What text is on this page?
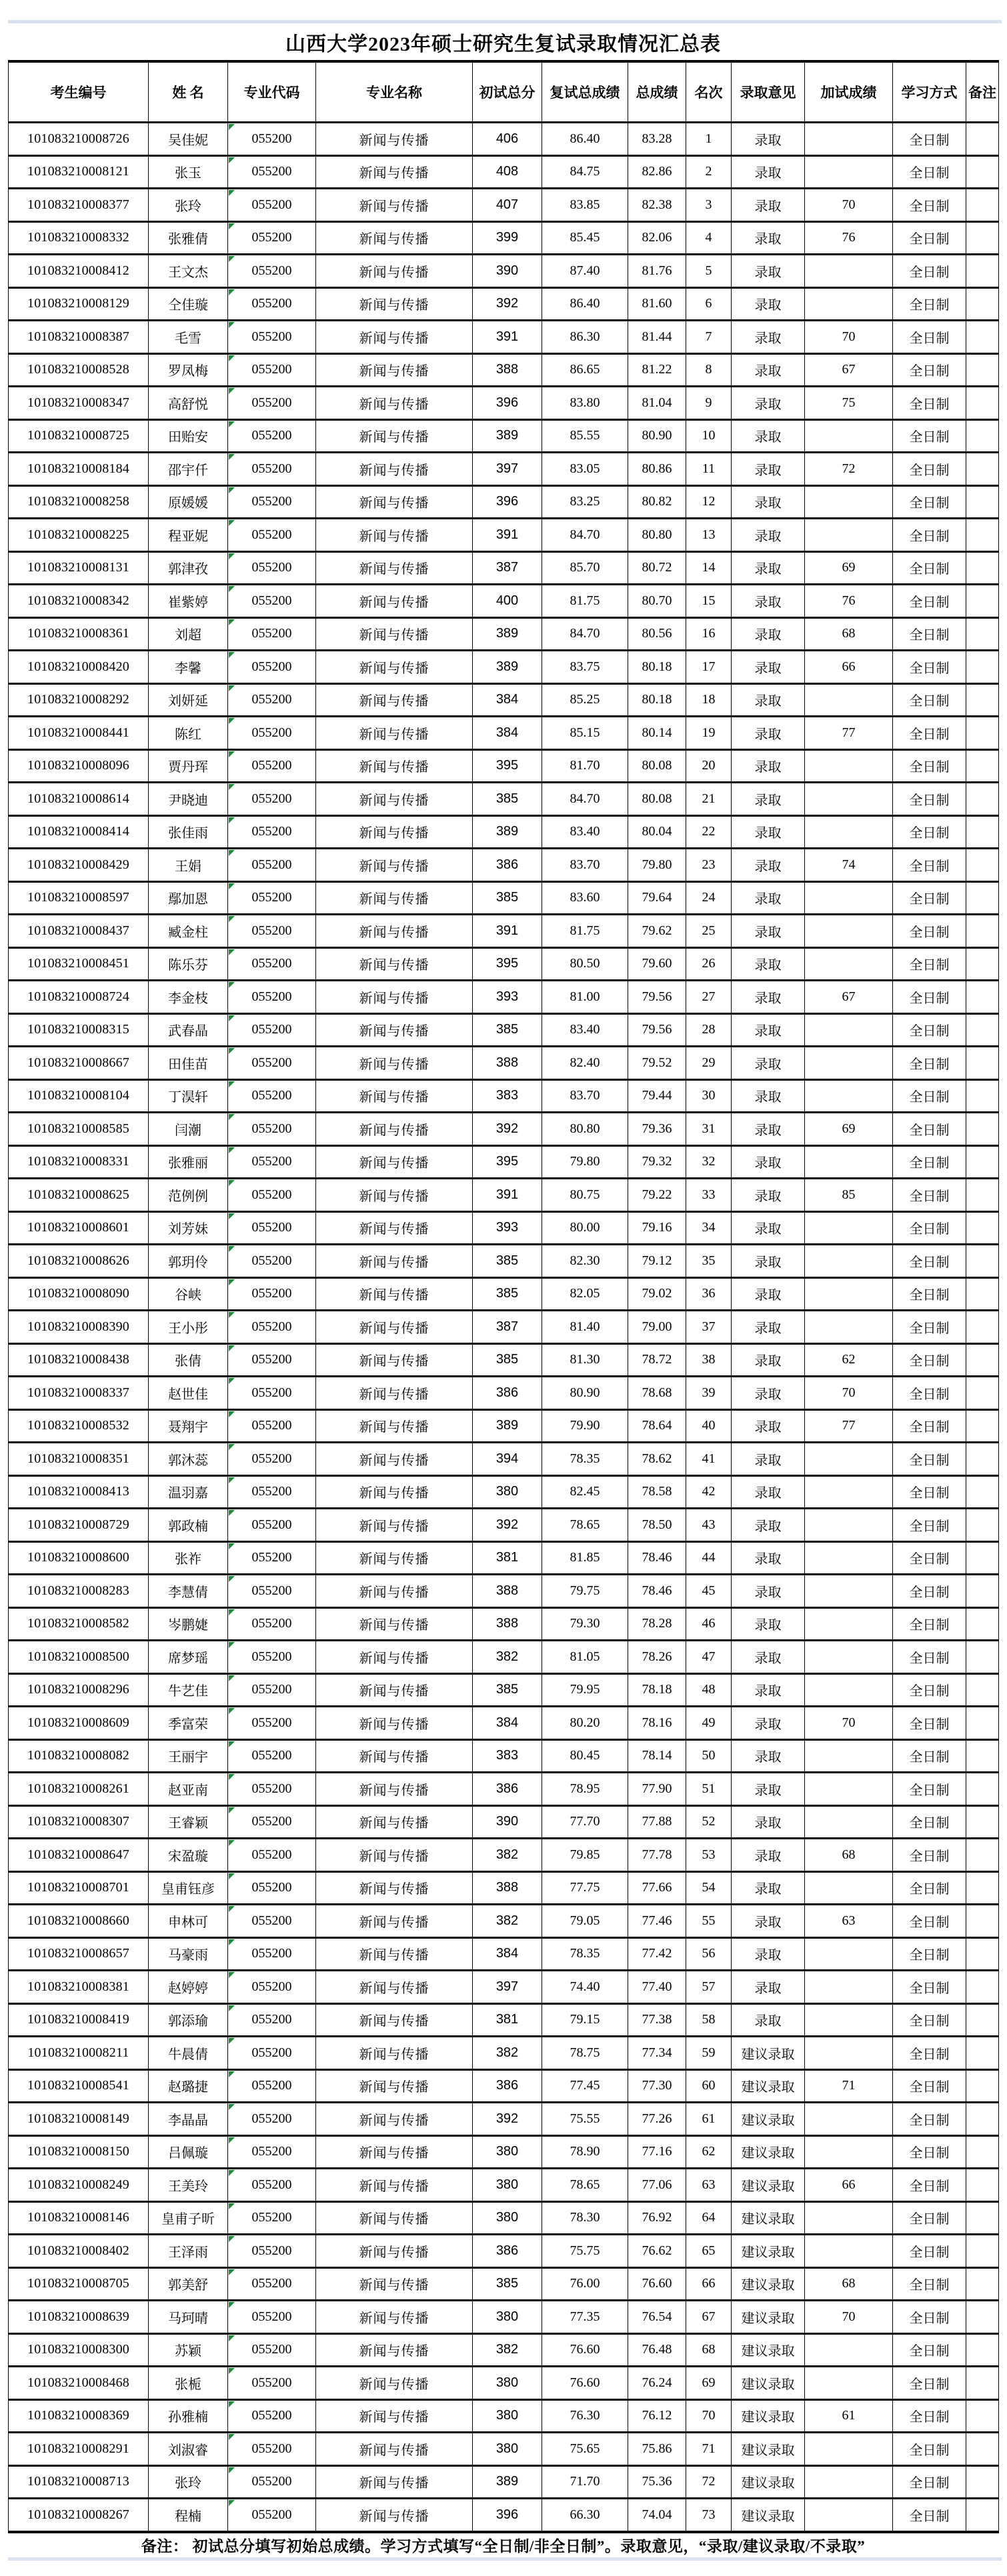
山西大学2023年硕士研究生复试录取情况汇总表
考生编号	姓 名	专业代码	专业名称	初试总分	复试总成绩	总成绩	名次	录取意见	加试成绩	学习方式	备注
101083210008726	吴佳妮	055200	新闻与传播	406	86.40	83.28	1	录取		全日制	
101083210008121	张玉	055200	新闻与传播	408	84.75	82.86	2	录取		全日制	
101083210008377	张玲	055200	新闻与传播	407	83.85	82.38	3	录取	70	全日制	
101083210008332	张雅倩	055200	新闻与传播	399	85.45	82.06	4	录取	76	全日制	
101083210008412	王文杰	055200	新闻与传播	390	87.40	81.76	5	录取		全日制	
101083210008129	仝佳璇	055200	新闻与传播	392	86.40	81.60	6	录取		全日制	
101083210008387	毛雪	055200	新闻与传播	391	86.30	81.44	7	录取	70	全日制	
101083210008528	罗凤梅	055200	新闻与传播	388	86.65	81.22	8	录取	67	全日制	
101083210008347	高舒悦	055200	新闻与传播	396	83.80	81.04	9	录取	75	全日制	
101083210008725	田贻安	055200	新闻与传播	389	85.55	80.90	10	录取		全日制	
101083210008184	邵宇仟	055200	新闻与传播	397	83.05	80.86	11	录取	72	全日制	
101083210008258	原媛媛	055200	新闻与传播	396	83.25	80.82	12	录取		全日制	
101083210008225	程亚妮	055200	新闻与传播	391	84.70	80.80	13	录取		全日制	
101083210008131	郭津孜	055200	新闻与传播	387	85.70	80.72	14	录取	69	全日制	
101083210008342	崔紫婷	055200	新闻与传播	400	81.75	80.70	15	录取	76	全日制	
101083210008361	刘超	055200	新闻与传播	389	84.70	80.56	16	录取	68	全日制	
101083210008420	李馨	055200	新闻与传播	389	83.75	80.18	17	录取	66	全日制	
101083210008292	刘妍延	055200	新闻与传播	384	85.25	80.18	18	录取		全日制	
101083210008441	陈红	055200	新闻与传播	384	85.15	80.14	19	录取	77	全日制	
101083210008096	贾丹珲	055200	新闻与传播	395	81.70	80.08	20	录取		全日制	
101083210008614	尹晓迪	055200	新闻与传播	385	84.70	80.08	21	录取		全日制	
101083210008414	张佳雨	055200	新闻与传播	389	83.40	80.04	22	录取		全日制	
101083210008429	王娟	055200	新闻与传播	386	83.70	79.80	23	录取	74	全日制	
101083210008597	鄢加恩	055200	新闻与传播	385	83.60	79.64	24	录取		全日制	
101083210008437	臧金柱	055200	新闻与传播	391	81.75	79.62	25	录取		全日制	
101083210008451	陈乐芬	055200	新闻与传播	395	80.50	79.60	26	录取		全日制	
101083210008724	李金枝	055200	新闻与传播	393	81.00	79.56	27	录取	67	全日制	
101083210008315	武春晶	055200	新闻与传播	385	83.40	79.56	28	录取		全日制	
101083210008667	田佳苗	055200	新闻与传播	388	82.40	79.52	29	录取		全日制	
101083210008104	丁淏轩	055200	新闻与传播	383	83.70	79.44	30	录取		全日制	
101083210008585	闫潮	055200	新闻与传播	392	80.80	79.36	31	录取	69	全日制	
101083210008331	张雅丽	055200	新闻与传播	395	79.80	79.32	32	录取		全日制	
101083210008625	范例例	055200	新闻与传播	391	80.75	79.22	33	录取	85	全日制	
101083210008601	刘芳妹	055200	新闻与传播	393	80.00	79.16	34	录取		全日制	
101083210008626	郭玥伶	055200	新闻与传播	385	82.30	79.12	35	录取		全日制	
101083210008090	谷峡	055200	新闻与传播	385	82.05	79.02	36	录取		全日制	
101083210008390	王小彤	055200	新闻与传播	387	81.40	79.00	37	录取		全日制	
101083210008438	张倩	055200	新闻与传播	385	81.30	78.72	38	录取	62	全日制	
101083210008337	赵世佳	055200	新闻与传播	386	80.90	78.68	39	录取	70	全日制	
101083210008532	聂翔宇	055200	新闻与传播	389	79.90	78.64	40	录取	77	全日制	
101083210008351	郭沐蕊	055200	新闻与传播	394	78.35	78.62	41	录取		全日制	
101083210008413	温羽嘉	055200	新闻与传播	380	82.45	78.58	42	录取		全日制	
101083210008729	郭政楠	055200	新闻与传播	392	78.65	78.50	43	录取		全日制	
101083210008600	张祚	055200	新闻与传播	381	81.85	78.46	44	录取		全日制	
101083210008283	李慧倩	055200	新闻与传播	388	79.75	78.46	45	录取		全日制	
101083210008582	岑鹏婕	055200	新闻与传播	388	79.30	78.28	46	录取		全日制	
101083210008500	席梦瑶	055200	新闻与传播	382	81.05	78.26	47	录取		全日制	
101083210008296	牛艺佳	055200	新闻与传播	385	79.95	78.18	48	录取		全日制	
101083210008609	季富荣	055200	新闻与传播	384	80.20	78.16	49	录取	70	全日制	
101083210008082	王丽宇	055200	新闻与传播	383	80.45	78.14	50	录取		全日制	
101083210008261	赵亚南	055200	新闻与传播	386	78.95	77.90	51	录取		全日制	
101083210008307	王睿颖	055200	新闻与传播	390	77.70	77.88	52	录取		全日制	
101083210008647	宋盈璇	055200	新闻与传播	382	79.85	77.78	53	录取	68	全日制	
101083210008701	皇甫钰彦	055200	新闻与传播	388	77.75	77.66	54	录取		全日制	
101083210008660	申林可	055200	新闻与传播	382	79.05	77.46	55	录取	63	全日制	
101083210008657	马豪雨	055200	新闻与传播	384	78.35	77.42	56	录取		全日制	
101083210008381	赵婷婷	055200	新闻与传播	397	74.40	77.40	57	录取		全日制	
101083210008419	郭添瑜	055200	新闻与传播	381	79.15	77.38	58	录取		全日制	
101083210008211	牛晨倩	055200	新闻与传播	382	78.75	77.34	59	建议录取		全日制	
101083210008541	赵璐捷	055200	新闻与传播	386	77.45	77.30	60	建议录取	71	全日制	
101083210008149	李晶晶	055200	新闻与传播	392	75.55	77.26	61	建议录取		全日制	
101083210008150	吕佩璇	055200	新闻与传播	380	78.90	77.16	62	建议录取		全日制	
101083210008249	王美玲	055200	新闻与传播	380	78.65	77.06	63	建议录取	66	全日制	
101083210008146	皇甫子昕	055200	新闻与传播	380	78.30	76.92	64	建议录取		全日制	
101083210008402	王泽雨	055200	新闻与传播	386	75.75	76.62	65	建议录取		全日制	
101083210008705	郭美舒	055200	新闻与传播	385	76.00	76.60	66	建议录取	68	全日制	
101083210008639	马珂晴	055200	新闻与传播	380	77.35	76.54	67	建议录取	70	全日制	
101083210008300	苏颖	055200	新闻与传播	382	76.60	76.48	68	建议录取		全日制	
101083210008468	张栀	055200	新闻与传播	380	76.60	76.24	69	建议录取		全日制	
101083210008369	孙雅楠	055200	新闻与传播	380	76.30	76.12	70	建议录取	61	全日制	
101083210008291	刘淑睿	055200	新闻与传播	380	75.65	75.86	71	建议录取		全日制	
101083210008713	张玲	055200	新闻与传播	389	71.70	75.36	72	建议录取		全日制	
101083210008267	程楠	055200	新闻与传播	396	66.30	74.04	73	建议录取		全日制	
备注： 初试总分填写初始总成绩。学习方式填写“全日制/非全日制”。录取意见，“录取/建议录取/不录取”
